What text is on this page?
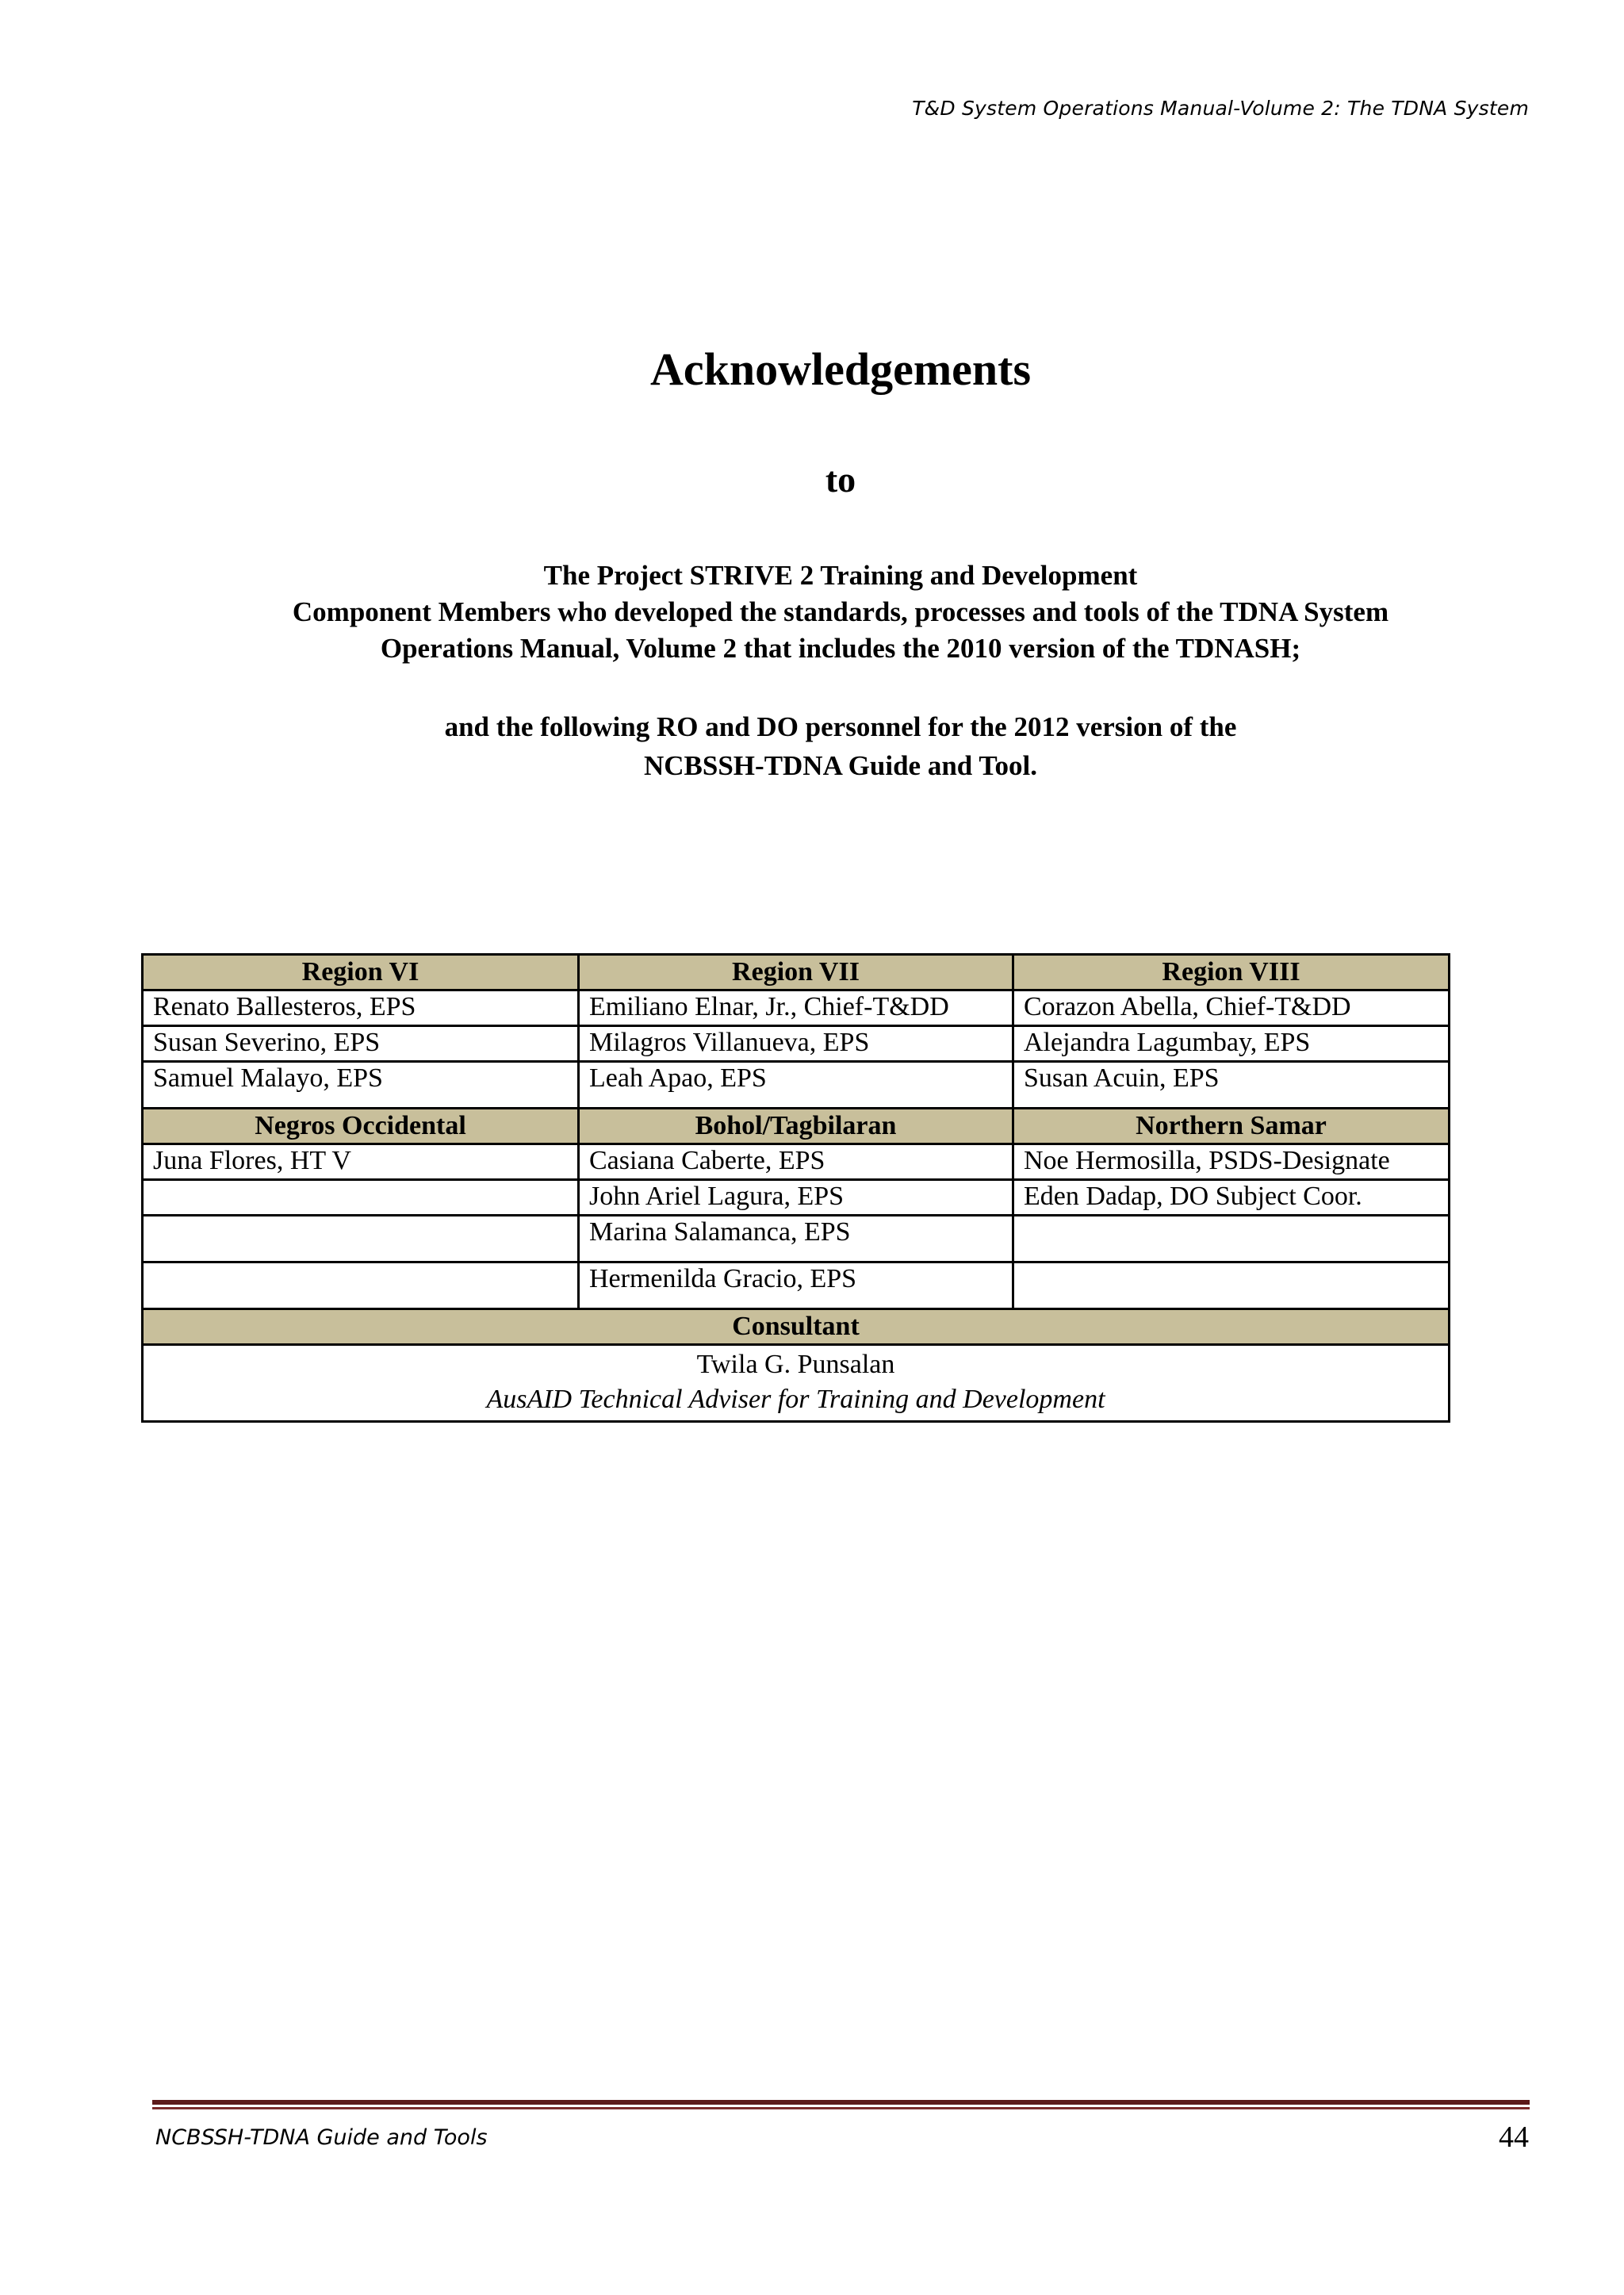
T&D System Operations Manual-Volume 2: The TDNA System
Acknowledgements
to
The Project STRIVE 2 Training and Development
Component Members who developed the standards, processes and tools of the TDNA System
Operations Manual, Volume 2 that includes the 2010 version of the TDNASH;
and the following RO and DO personnel for the 2012 version of the
NCBSSH-TDNA Guide and Tool.
Region VI	Region VII	Region VIII
Renato Ballesteros, EPS	Emiliano Elnar, Jr., Chief-T&DD	Corazon Abella, Chief-T&DD
Susan Severino, EPS	Milagros Villanueva, EPS	Alejandra Lagumbay, EPS
Samuel Malayo, EPS	Leah Apao, EPS	Susan Acuin, EPS
Negros Occidental	Bohol/Tagbilaran	Northern Samar
Juna Flores, HT V	Casiana Caberte, EPS	Noe Hermosilla, PSDS-Designate
	John Ariel Lagura, EPS	Eden Dadap, DO Subject Coor.
	Marina Salamanca, EPS	
	Hermenilda Gracio, EPS	
Consultant		

Twila G. Punsalan
AusAID Technical Adviser for Training and Development		
NCBSSH-TDNA Guide and Tools	44
